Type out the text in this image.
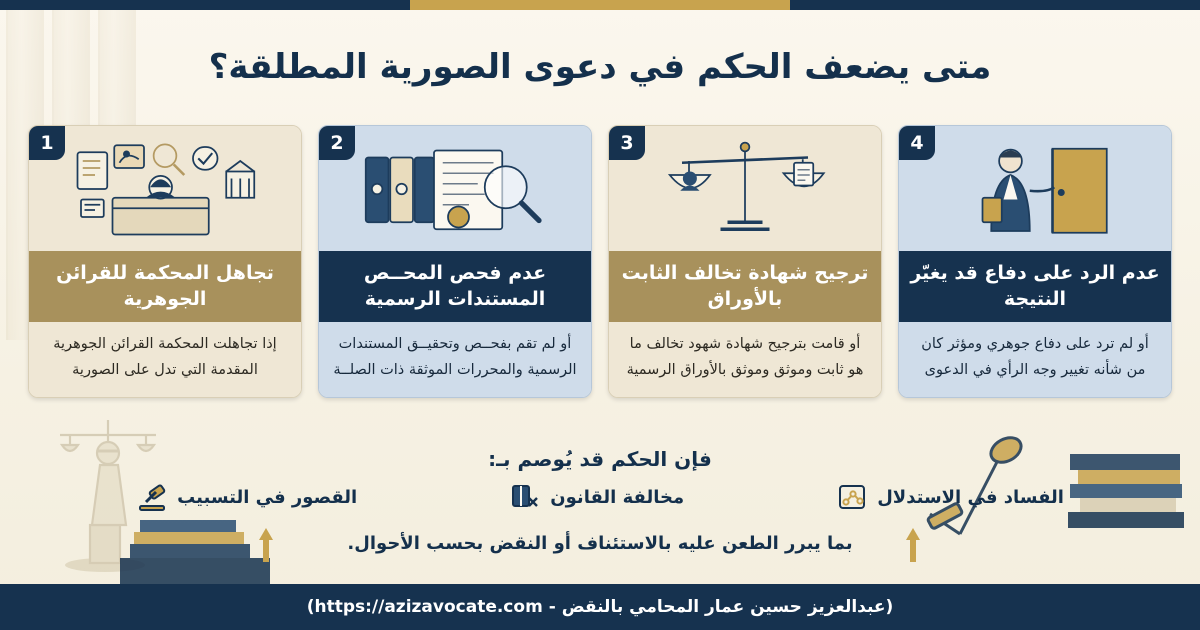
متى يضعف الحكم في دعوى الصورية المطلقة؟
1
تجاهل المحكمة للقرائن الجوهرية
إذا تجاهلت المحكمة القرائن الجوهرية المقدمة التي تدل على الصورية
2
عدم فحص المحــص المستندات الرسمية
أو لم تقم بفحــص وتحقيــق المستندات الرسمية والمحررات الموثقة ذات الصلــة
3
ترجيح شهادة تخالف الثابت بالأوراق
أو قامت بترجيح شهادة شهود تخالف ما هو ثابت وموثق وموثق بالأوراق الرسمية
4
عدم الرد على دفاع قد يغيّر النتيجة
أو لم ترد على دفاع جوهري ومؤثر كان من شأنه تغيير وجه الرأي في الدعوى
فإن الحكم قد يُوصم بـ:
القصور في التسبيب	مخالفة القانون	الفساد في الاستدلال
بما يبرر الطعن عليه بالاستئناف أو النقض بحسب الأحوال.
(عبدالعزيز حسين عمار المحامي بالنقض - https://azizavocate.com)
